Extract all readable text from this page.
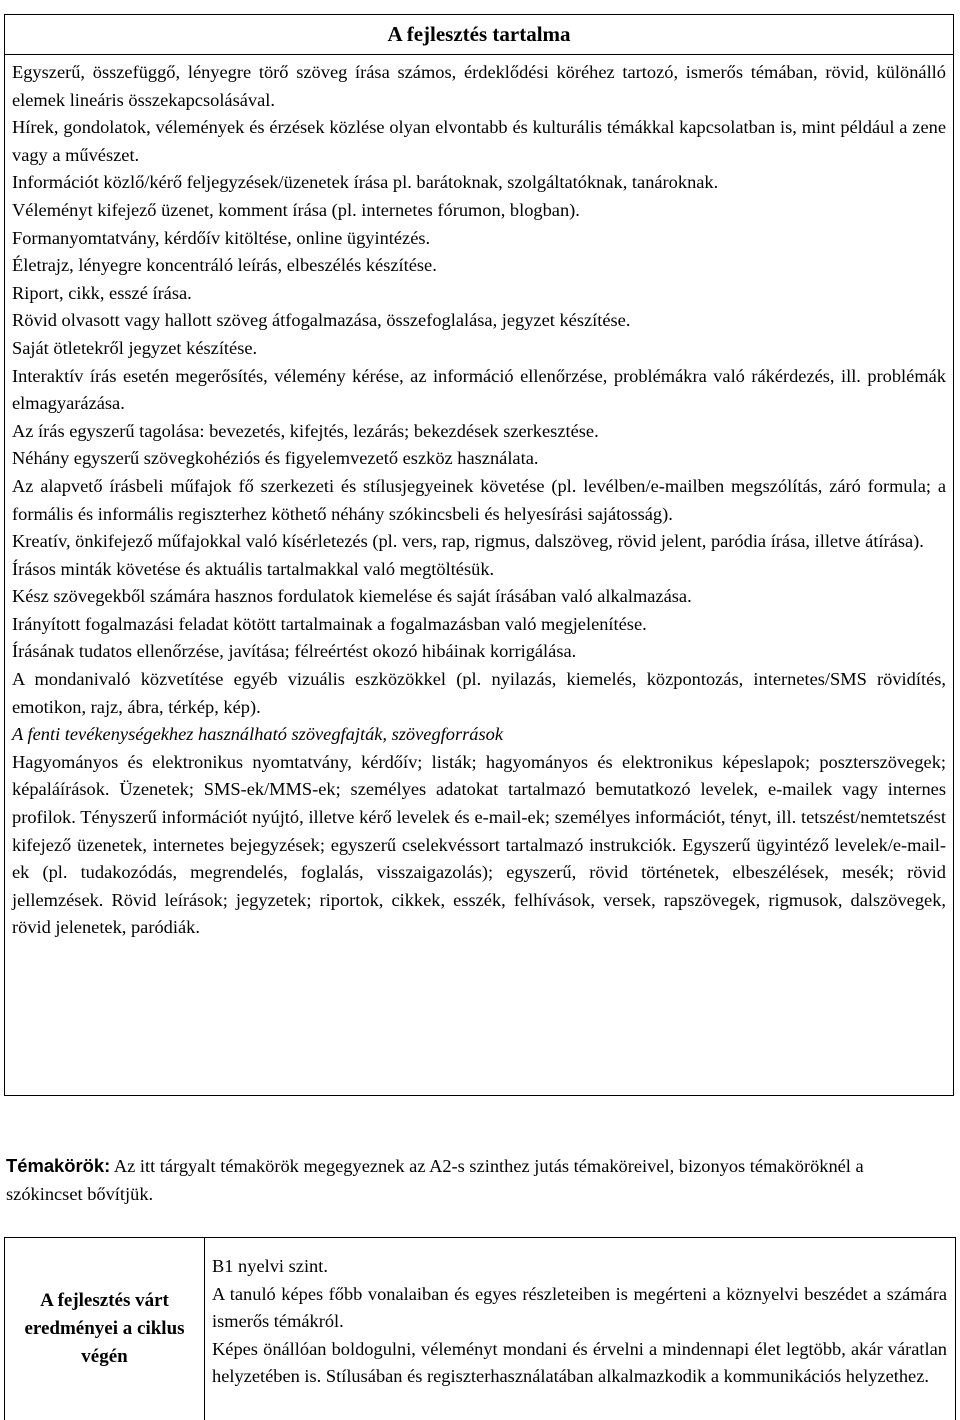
A fejlesztés tartalma

Egyszerű, összefüggő, lényegre törő szöveg írása számos, érdeklődési köréhez tartozó, ismerős témában, rövid, különálló elemek lineáris összekapcsolásával.

Hírek, gondolatok, vélemények és érzések közlése olyan elvontabb és kulturális témákkal kapcsolatban is, mint például a zene vagy a művészet.

Információt közlő/kérő feljegyzések/üzenetek írása pl. barátoknak, szolgáltatóknak, tanároknak.

Véleményt kifejező üzenet, komment írása (pl. internetes fórumon, blogban).

Formanyomtatvány, kérdőív kitöltése, online ügyintézés.

Életrajz, lényegre koncentráló leírás, elbeszélés készítése.

Riport, cikk, esszé írása.

Rövid olvasott vagy hallott szöveg átfogalmazása, összefoglalása, jegyzet készítése.

Saját ötletekről jegyzet készítése.

Interaktív írás esetén megerősítés, vélemény kérése, az információ ellenőrzése, problémákra való rákérdezés, ill. problémák elmagyarázása.

Az írás egyszerű tagolása: bevezetés, kifejtés, lezárás; bekezdések szerkesztése.

Néhány egyszerű szövegkohéziós és figyelemvezető eszköz használata.

Az alapvető írásbeli műfajok fő szerkezeti és stílusjegyeinek követése (pl. levélben/e-mailben megszólítás, záró formula; a formális és informális regiszterhez köthető néhány szókincsbeli és helyesírási sajátosság).

Kreatív, önkifejező műfajokkal való kísérletezés (pl. vers, rap, rigmus, dalszöveg, rövid jelent, paródia írása, illetve átírása).

Írásos minták követése és aktuális tartalmakkal való megtöltésük.

Kész szövegekből számára hasznos fordulatok kiemelése és saját írásában való alkalmazása.

Irányított fogalmazási feladat kötött tartalmainak a fogalmazásban való megjelenítése.

Írásának tudatos ellenőrzése, javítása; félreértést okozó hibáinak korrigálása.

A mondanivaló közvetítése egyéb vizuális eszközökkel (pl. nyilazás, kiemelés, központozás, internetes/SMS rövidítés, emotikon, rajz, ábra, térkép, kép).

A fenti tevékenységekhez használható szövegfajták, szövegforrások

Hagyományos és elektronikus nyomtatvány, kérdőív; listák; hagyományos és elektronikus képeslapok; poszterszövegek; képaláírások. Üzenetek; SMS-ek/MMS-ek; személyes adatokat tartalmazó bemutatkozó levelek, e-mailek vagy internes profilok. Tényszerű információt nyújtó, illetve kérő levelek és e-mail-ek; személyes információt, tényt, ill. tetszést/nemtetszést kifejező üzenetek, internetes bejegyzések; egyszerű cselekvéssort tartalmazó instrukciók. Egyszerű ügyintéző levelek/e-mail-ek (pl. tudakozódás, megrendelés, foglalás, visszaigazolás); egyszerű, rövid történetek, elbeszélések, mesék; rövid jellemzések. Rövid leírások; jegyzetek; riportok, cikkek, esszék, felhívások, versek, rapszövegek, rigmusok, dalszövegek, rövid jelenetek, paródiák.

Témakörök: Az itt tárgyalt témakörök megegyeznek az A2-s szinthez jutás témaköreivel, bizonyos témaköröknél a szókincset bővítjük.
A fejlesztés várt eredményei a ciklus végén

B1 nyelvi szint.

A tanuló képes főbb vonalaiban és egyes részleteiben is megérteni a köznyelvi beszédet a számára ismerős témákról.

Képes önállóan boldogulni, véleményt mondani és érvelni a mindennapi élet legtöbb, akár váratlan helyzetében is. Stílusában és regiszterhasználatában alkalmazkodik a kommunikációs helyzethez.
